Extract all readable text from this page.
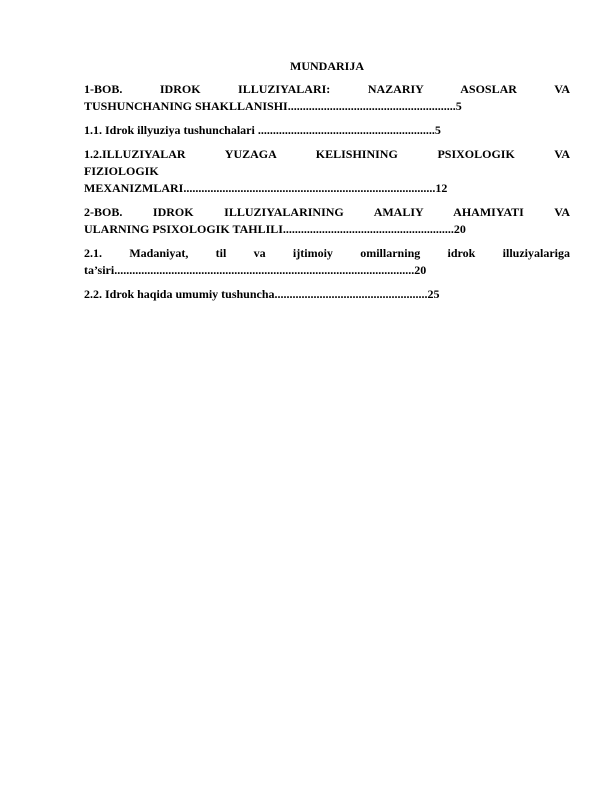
MUNDARIJA
1-BOB. IDROK ILLUZIYALARI: NAZARIY ASOSLAR VA
TUSHUNCHANING SHAKLLANISHI........................................................5
1.1. Idrok illyuziya tushunchalari ...........................................................5
1.2.ILLUZIYALAR YUZAGA KELISHINING PSIXOLOGIK VA
FIZIOLOGIK
MEXANIZMLARI....................................................................................12
2-BOB. IDROK ILLUZIYALARINING AMALIY AHAMIYATI VA
ULARNING PSIXOLOGIK TAHLILI.........................................................20
2.1. Madaniyat, til va ijtimoiy omillarning idrok illuziyalariga
ta’siri....................................................................................................20
2.2. Idrok haqida umumiy tushuncha...................................................25
